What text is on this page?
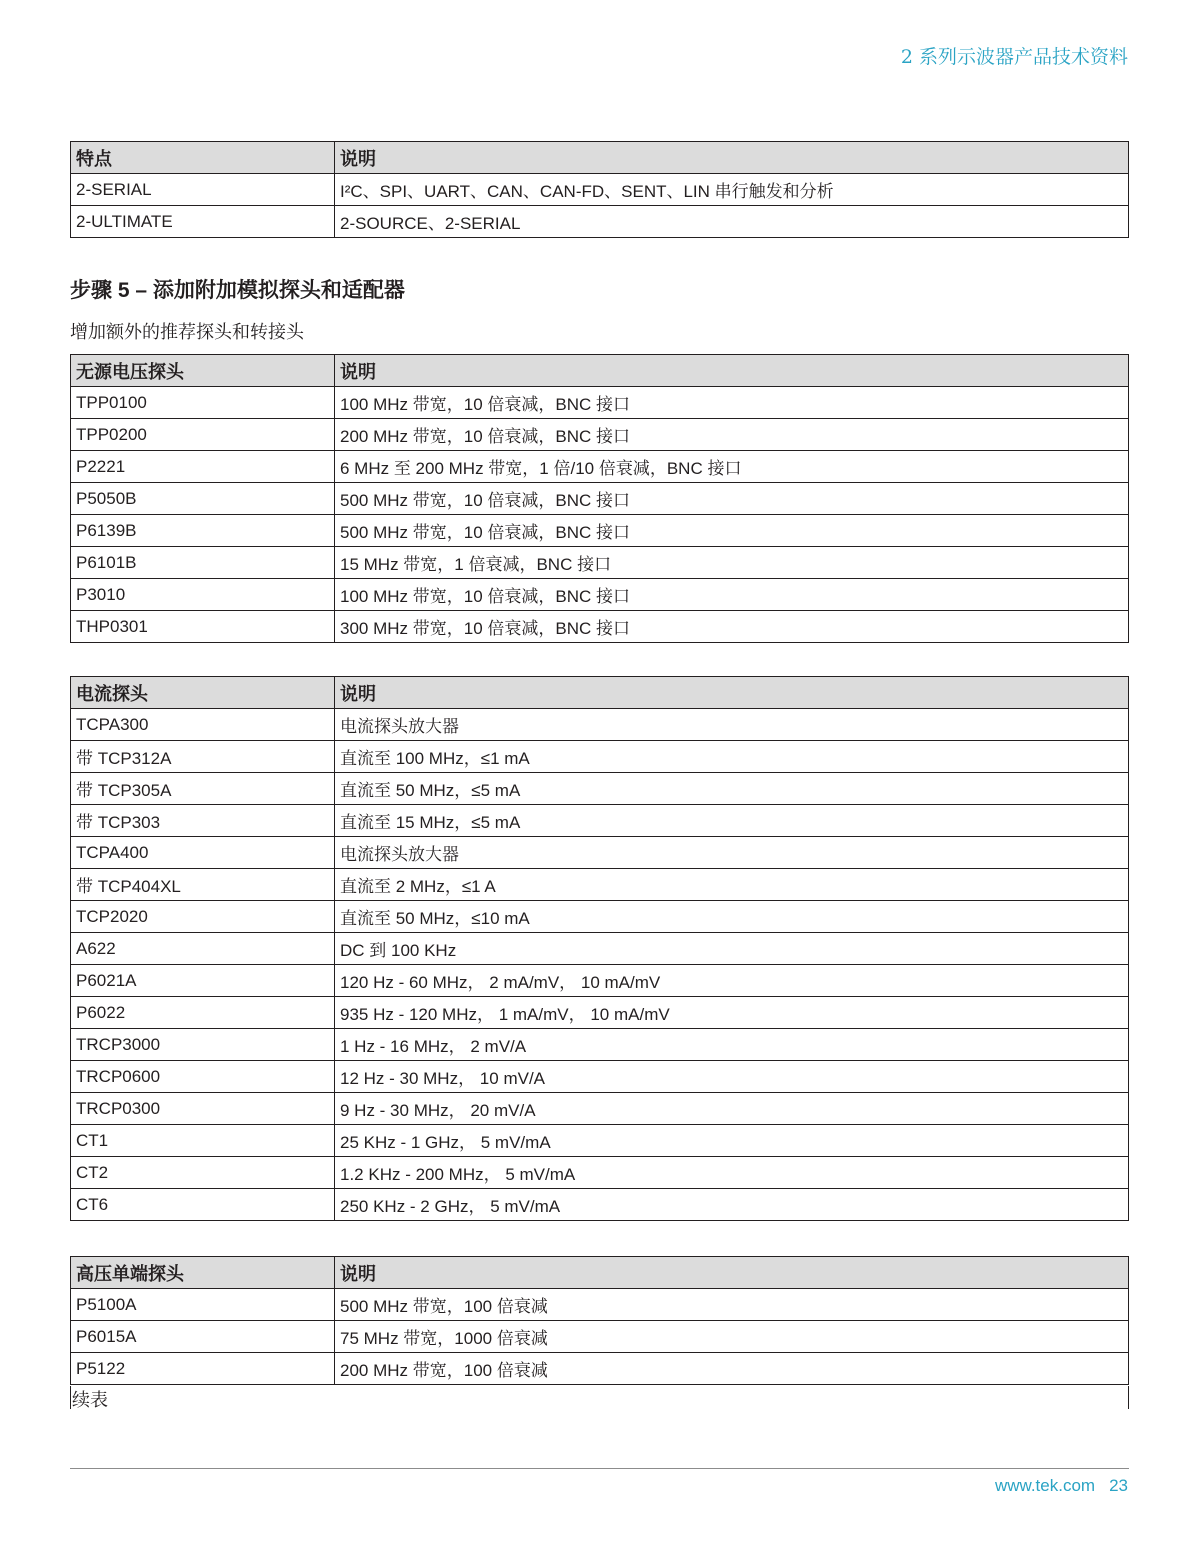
2 系列示波器产品技术资料
特点	说明
2-SERIAL	I²C、SPI、UART、CAN、CAN-FD、SENT、LIN 串行触发和分析
2-ULTIMATE	2-SOURCE、2-SERIAL
步骤 5 – 添加附加模拟探头和适配器
增加额外的推荐探头和转接头
无源电压探头	说明
TPP0100	100 MHz 带宽，10 倍衰减，BNC 接口
TPP0200	200 MHz 带宽，10 倍衰减，BNC 接口
P2221	6 MHz 至 200 MHz 带宽，1 倍/10 倍衰减，BNC 接口
P5050B	500 MHz 带宽，10 倍衰减，BNC 接口
P6139B	500 MHz 带宽，10 倍衰减，BNC 接口
P6101B	15 MHz 带宽，1 倍衰减，BNC 接口
P3010	100 MHz 带宽，10 倍衰减，BNC 接口
THP0301	300 MHz 带宽，10 倍衰减，BNC 接口
电流探头	说明
TCPA300	电流探头放大器
带 TCP312A	直流至 100 MHz，≤1 mA
带 TCP305A	直流至 50 MHz，≤5 mA
带 TCP303	直流至 15 MHz，≤5 mA
TCPA400	电流探头放大器
带 TCP404XL	直流至 2 MHz，≤1 A
TCP2020	直流至 50 MHz，≤10 mA
A622	DC 到 100 KHz
P6021A	120 Hz - 60 MHz， 2 mA/mV， 10 mA/mV
P6022	935 Hz - 120 MHz， 1 mA/mV， 10 mA/mV
TRCP3000	1 Hz - 16 MHz， 2 mV/A
TRCP0600	12 Hz - 30 MHz， 10 mV/A
TRCP0300	9 Hz - 30 MHz， 20 mV/A
CT1	25 KHz - 1 GHz， 5 mV/mA
CT2	1.2 KHz - 200 MHz， 5 mV/mA
CT6	250 KHz - 2 GHz， 5 mV/mA
高压单端探头	说明
P5100A	500 MHz 带宽，100 倍衰减
P6015A	75 MHz 带宽，1000 倍衰减
P5122	200 MHz 带宽，100 倍衰减
续表
www.tek.com 23
